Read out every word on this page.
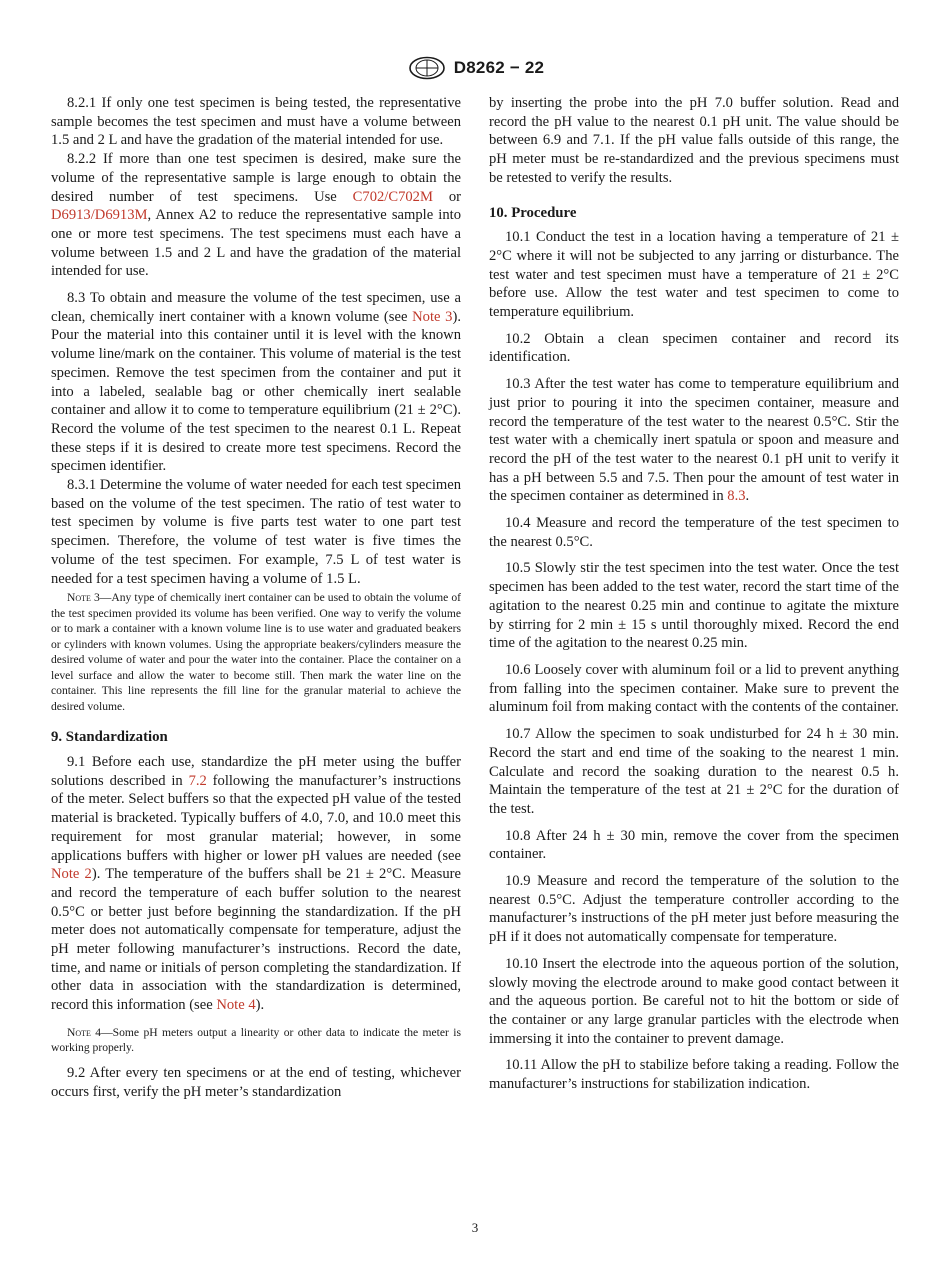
D8262 − 22

8.2.1 If only one test specimen is being tested, the representative sample becomes the test specimen and must have a volume between 1.5 and 2 L and have the gradation of the material intended for use.

8.2.2 If more than one test specimen is desired, make sure the volume of the representative sample is large enough to obtain the desired number of test specimens. Use C702/C702M or D6913/D6913M, Annex A2 to reduce the representative sample into one or more test specimens. The test specimens must each have a volume between 1.5 and 2 L and have the gradation of the material intended for use.

8.3 To obtain and measure the volume of the test specimen, use a clean, chemically inert container with a known volume (see Note 3). Pour the material into this container until it is level with the known volume line/mark on the container. This volume of material is the test specimen. Remove the test specimen from the container and put it into a labeled, sealable bag or other chemically inert sealable container and allow it to come to temperature equilibrium (21 ± 2°C). Record the volume of the test specimen to the nearest 0.1 L. Repeat these steps if it is desired to create more test specimens. Record the specimen identifier.

8.3.1 Determine the volume of water needed for each test specimen based on the volume of the test specimen. The ratio of test water to test specimen by volume is five parts test water to one part test specimen. Therefore, the volume of test water is five times the volume of the test specimen. For example, 7.5 L of test water is needed for a test specimen having a volume of 1.5 L.

Note 3—Any type of chemically inert container can be used to obtain the volume of the test specimen provided its volume has been verified. One way to verify the volume or to mark a container with a known volume line is to use water and graduated beakers or cylinders with known volumes. Using the appropriate beakers/cylinders measure the desired volume of water and pour the water into the container. Place the container on a level surface and allow the water to become still. Then mark the water line on the container. This line represents the fill line for the granular material to achieve the desired volume.
9. Standardization

9.1 Before each use, standardize the pH meter using the buffer solutions described in 7.2 following the manufacturer’s instructions of the meter. Select buffers so that the expected pH value of the tested material is bracketed. Typically buffers of 4.0, 7.0, and 10.0 meet this requirement for most granular material; however, in some applications buffers with higher or lower pH values are needed (see Note 2). The temperature of the buffers shall be 21 ± 2°C. Measure and record the temperature of each buffer solution to the nearest 0.5°C or better just before beginning the standardization. If the pH meter does not automatically compensate for temperature, adjust the pH meter following manufacturer’s instructions. Record the date, time, and name or initials of person completing the standardization. If other data in association with the standardization is determined, record this information (see Note 4).

Note 4—Some pH meters output a linearity or other data to indicate the meter is working properly.

9.2 After every ten specimens or at the end of testing, whichever occurs first, verify the pH meter’s standardization

by inserting the probe into the pH 7.0 buffer solution. Read and record the pH value to the nearest 0.1 pH unit. The value should be between 6.9 and 7.1. If the pH value falls outside of this range, the pH meter must be re-standardized and the previous specimens must be retested to verify the results.

10. Procedure

10.1 Conduct the test in a location having a temperature of 21 ± 2°C where it will not be subjected to any jarring or disturbance. The test water and test specimen must have a temperature of 21 ± 2°C before use. Allow the test water and test specimen to come to temperature equilibrium.

10.2 Obtain a clean specimen container and record its identification.

10.3 After the test water has come to temperature equilibrium and just prior to pouring it into the specimen container, measure and record the temperature of the test water to the nearest 0.5°C. Stir the test water with a chemically inert spatula or spoon and measure and record the pH of the test water to the nearest 0.1 pH unit to verify it has a pH between 5.5 and 7.5. Then pour the amount of test water in the specimen container as determined in 8.3.

10.4 Measure and record the temperature of the test specimen to the nearest 0.5°C.

10.5 Slowly stir the test specimen into the test water. Once the test specimen has been added to the test water, record the start time of the agitation to the nearest 0.25 min and continue to agitate the mixture by stirring for 2 min ± 15 s until thoroughly mixed. Record the end time of the agitation to the nearest 0.25 min.

10.6 Loosely cover with aluminum foil or a lid to prevent anything from falling into the specimen container. Make sure to prevent the aluminum foil from making contact with the contents of the container.

10.7 Allow the specimen to soak undisturbed for 24 h ± 30 min. Record the start and end time of the soaking to the nearest 1 min. Calculate and record the soaking duration to the nearest 0.5 h. Maintain the temperature of the test at 21 ± 2°C for the duration of the test.

10.8 After 24 h ± 30 min, remove the cover from the specimen container.

10.9 Measure and record the temperature of the solution to the nearest 0.5°C. Adjust the temperature controller according to the manufacturer’s instructions of the pH meter just before measuring the pH if it does not automatically compensate for temperature.

10.10 Insert the electrode into the aqueous portion of the solution, slowly moving the electrode around to make good contact between it and the aqueous portion. Be careful not to hit the bottom or side of the container or any large granular particles with the electrode when immersing it into the container to prevent damage.

10.11 Allow the pH to stabilize before taking a reading. Follow the manufacturer’s instructions for stabilization indication.

3
